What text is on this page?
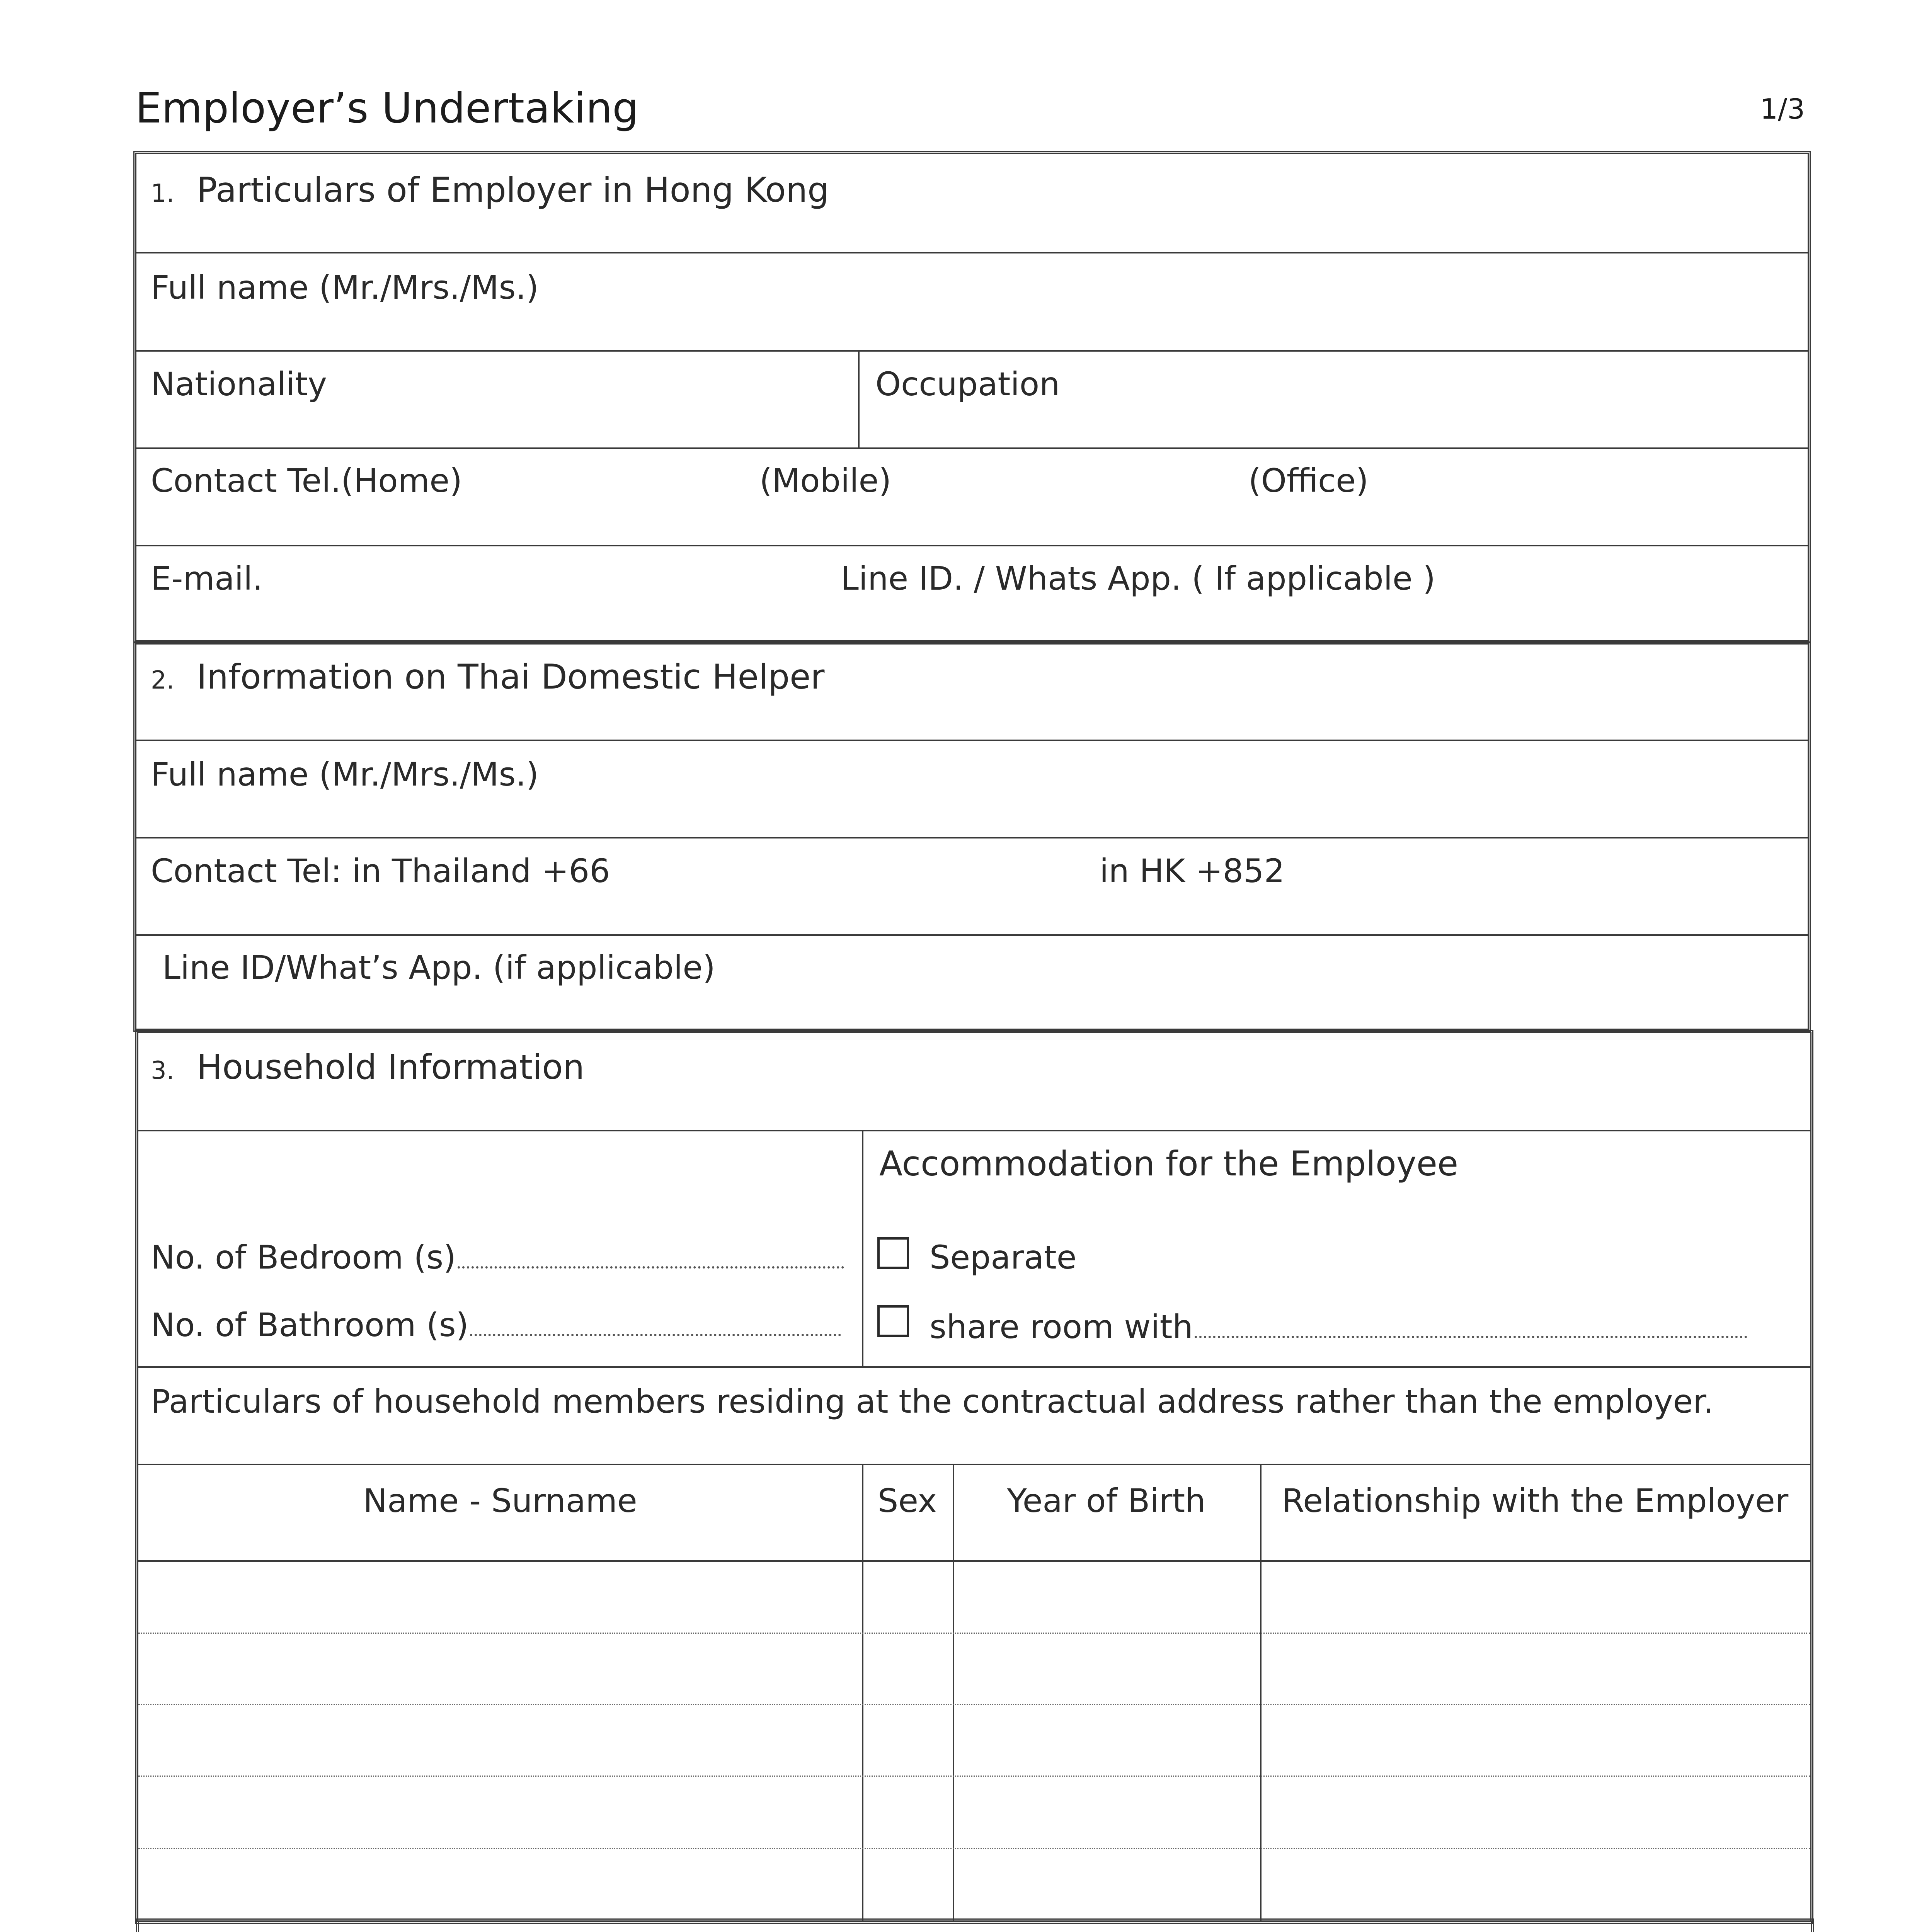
Employer’s Undertaking	1/3
1. Particulars of Employer in Hong Kong
Full name (Mr./Mrs./Ms.)
Nationality	Occupation
Contact Tel.(Home)	(Mobile)	(Office)
E-mail.	Line ID. / Whats App. ( If applicable )
2. Information on Thai Domestic Helper
Full name (Mr./Mrs./Ms.)
Contact Tel: in Thailand +66	in HK +852
Line ID/What’s App. (if applicable)
3. Household Information
No. of Bedroom (s)
No. of Bathroom (s)
Accommodation for the Employee
Separate
share room with
Particulars of household members residing at the contractual address rather than the employer.
Name - Surname	Sex	Year of Birth	Relationship with the Employer
